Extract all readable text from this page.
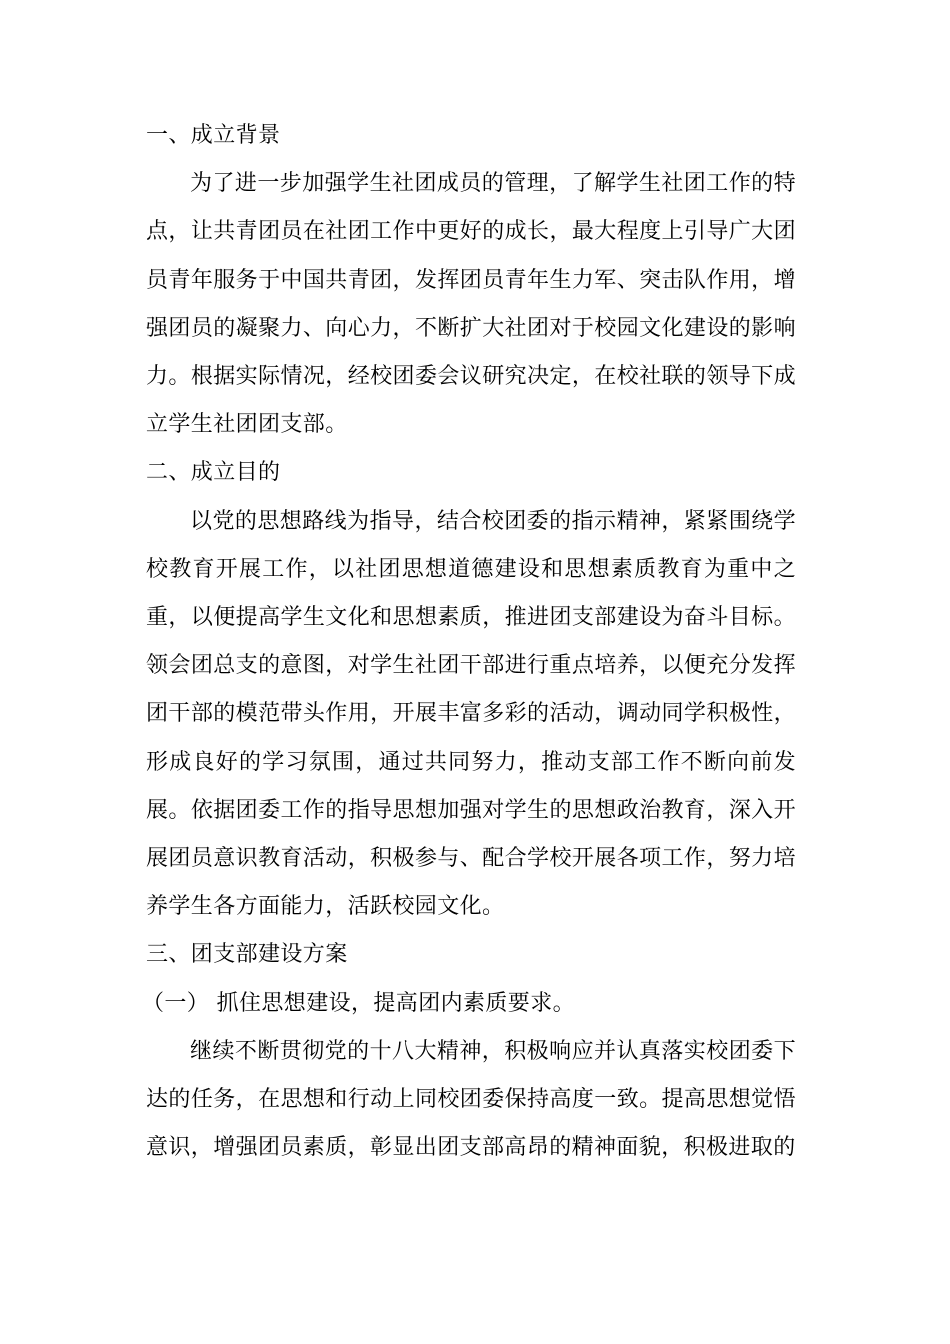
一、成立背景

为了进一步加强学生社团成员的管理，了解学生社团工作的特点，让共青团员在社团工作中更好的成长，最大程度上引导广大团员青年服务于中国共青团，发挥团员青年生力军、突击队作用，增强团员的凝聚力、向心力，不断扩大社团对于校园文化建设的影响力。根据实际情况，经校团委会议研究决定，在校社联的领导下成立学生社团团支部。

二、成立目的

以党的思想路线为指导，结合校团委的指示精神，紧紧围绕学校教育开展工作，以社团思想道德建设和思想素质教育为重中之重，以便提高学生文化和思想素质，推进团支部建设为奋斗目标。领会团总支的意图，对学生社团干部进行重点培养，以便充分发挥团干部的模范带头作用，开展丰富多彩的活动，调动同学积极性，形成良好的学习氛围，通过共同努力，推动支部工作不断向前发展。依据团委工作的指导思想加强对学生的思想政治教育，深入开展团员意识教育活动，积极参与、配合学校开展各项工作，努力培养学生各方面能力，活跃校园文化。

三、团支部建设方案

（一） 抓住思想建设，提高团内素质要求。

继续不断贯彻党的十八大精神，积极响应并认真落实校团委下达的任务，在思想和行动上同校团委保持高度一致。提高思想觉悟意识，增强团员素质，彰显出团支部高昂的精神面貌，积极进取的
